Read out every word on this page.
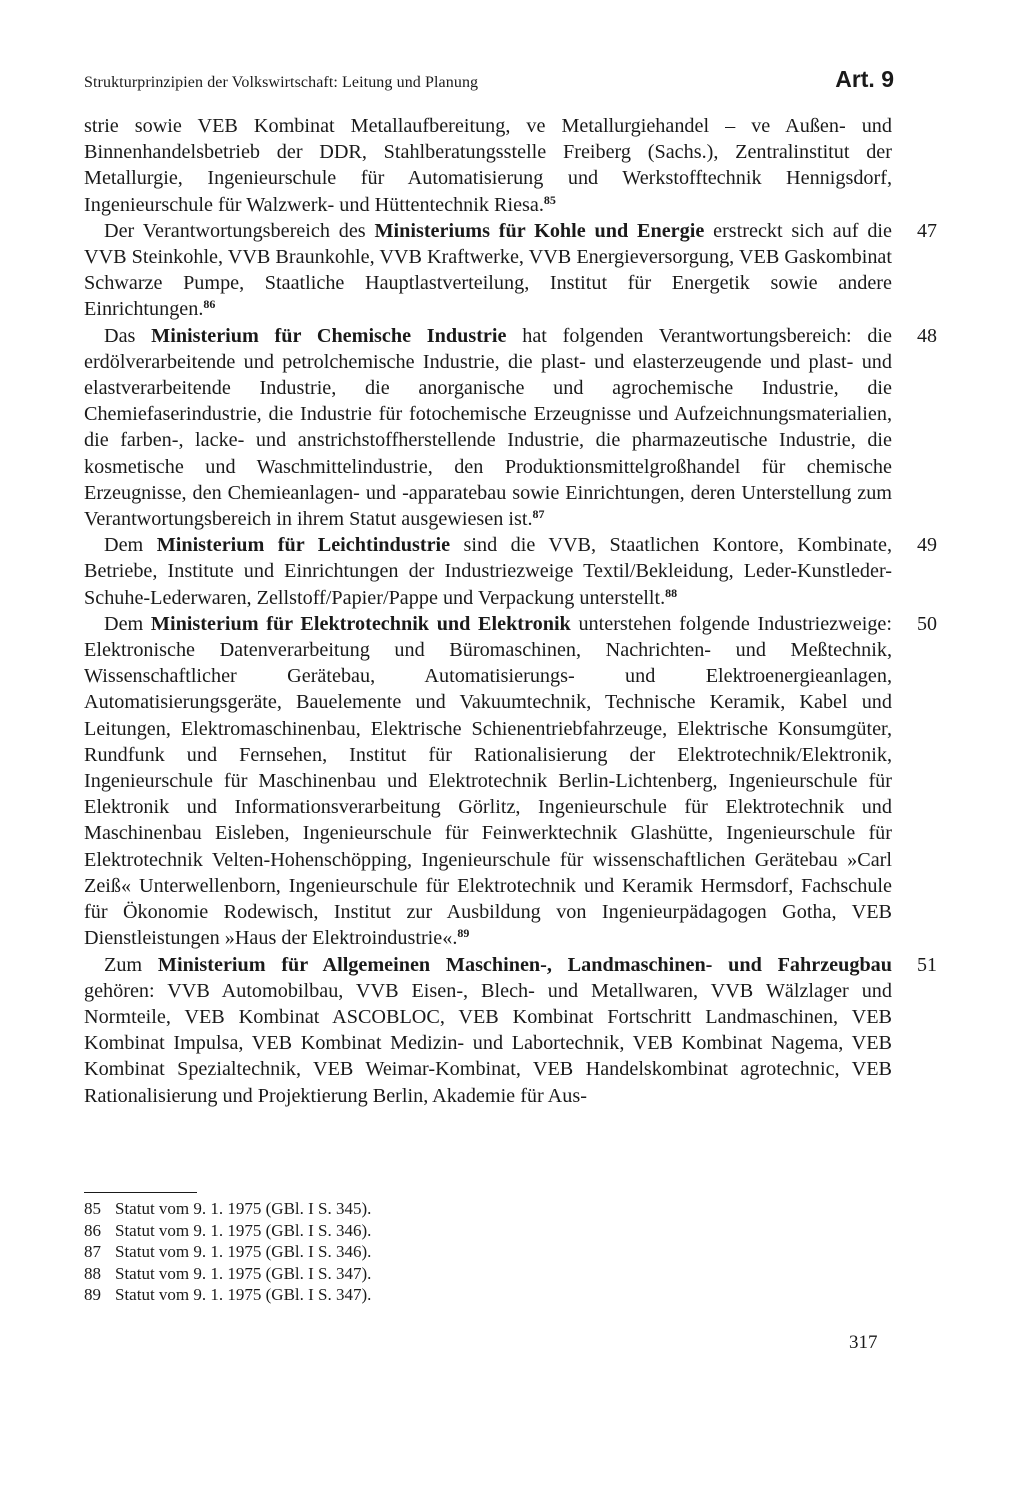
Strukturprinzipien der Volkswirtschaft: Leitung und Planung	Art. 9

strie sowie VEB Kombinat Metallaufbereitung, ve Metallurgiehandel – ve Außen- und Binnenhandelsbetrieb der DDR, Stahlberatungsstelle Freiberg (Sachs.), Zentralinstitut der Metallurgie, Ingenieurschule für Automatisierung und Werkstofftechnik Hennigsdorf, Ingenieurschule für Walzwerk- und Hüttentechnik Riesa.$^{85}$

47

Der Verantwortungsbereich des Ministeriums für Kohle und Energie erstreckt sich auf die VVB Steinkohle, VVB Braunkohle, VVB Kraftwerke, VVB Energieversorgung, VEB Gaskombinat Schwarze Pumpe, Staatliche Hauptlastverteilung, Institut für Energetik sowie andere Einrichtungen.$^{86}$

48

Das Ministerium für Chemische Industrie hat folgenden Verantwortungsbereich: die erdölverarbeitende und petrolchemische Industrie, die plast- und elasterzeugende und plast- und elastverarbeitende Industrie, die anorganische und agrochemische Industrie, die Chemiefaserindustrie, die Industrie für fotochemische Erzeugnisse und Aufzeichnungsmaterialien, die farben-, lacke- und anstrichstoffherstellende Industrie, die pharmazeutische Industrie, die kosmetische und Waschmittelindustrie, den Produktionsmittelgroßhandel für chemische Erzeugnisse, den Chemieanlagen- und -apparatebau sowie Einrichtungen, deren Unterstellung zum Verantwortungsbereich in ihrem Statut ausgewiesen ist.$^{87}$

49

Dem Ministerium für Leichtindustrie sind die VVB, Staatlichen Kontore, Kombinate, Betriebe, Institute und Einrichtungen der Industriezweige Textil/Bekleidung, Leder-Kunstleder-Schuhe-Lederwaren, Zellstoff/Papier/Pappe und Verpackung unterstellt.$^{88}$

50

Dem Ministerium für Elektrotechnik und Elektronik unterstehen folgende Industriezweige: Elektronische Datenverarbeitung und Büromaschinen, Nachrichten- und Meßtechnik, Wissenschaftlicher Gerätebau, Automatisierungs- und Elektroenergieanlagen, Automatisierungsgeräte, Bauelemente und Vakuumtechnik, Technische Keramik, Kabel und Leitungen, Elektromaschinenbau, Elektrische Schienentriebfahrzeuge, Elektrische Konsumgüter, Rundfunk und Fernsehen, Institut für Rationalisierung der Elektrotechnik/Elektronik, Ingenieurschule für Maschinenbau und Elektrotechnik Berlin-Lichtenberg, Ingenieurschule für Elektronik und Informationsverarbeitung Görlitz, Ingenieurschule für Elektrotechnik und Maschinenbau Eisleben, Ingenieurschule für Feinwerktechnik Glashütte, Ingenieurschule für Elektrotechnik Velten-Hohenschöpping, Ingenieurschule für wissenschaftlichen Gerätebau »Carl Zeiß« Unterwellenborn, Ingenieurschule für Elektrotechnik und Keramik Hermsdorf, Fachschule für Ökonomie Rodewisch, Institut zur Ausbildung von Ingenieurpädagogen Gotha, VEB Dienstleistungen »Haus der Elektroindustrie«.$^{89}$

51

Zum Ministerium für Allgemeinen Maschinen-, Landmaschinen- und Fahrzeugbau gehören: VVB Automobilbau, VVB Eisen-, Blech- und Metallwaren, VVB Wälzlager und Normteile, VEB Kombinat ASCOBLOC, VEB Kombinat Fortschritt Landmaschinen, VEB Kombinat Impulsa, VEB Kombinat Medizin- und Labortechnik, VEB Kombinat Nagema, VEB Kombinat Spezialtechnik, VEB Weimar-Kombinat, VEB Handelskombinat agrotechnic, VEB Rationalisierung und Projektierung Berlin, Akademie für Aus-

85 Statut vom 9. 1. 1975 (GBl. I S. 345).
86 Statut vom 9. 1. 1975 (GBl. I S. 346).
87 Statut vom 9. 1. 1975 (GBl. I S. 346).
88 Statut vom 9. 1. 1975 (GBl. I S. 347).
89 Statut vom 9. 1. 1975 (GBl. I S. 347).
317
